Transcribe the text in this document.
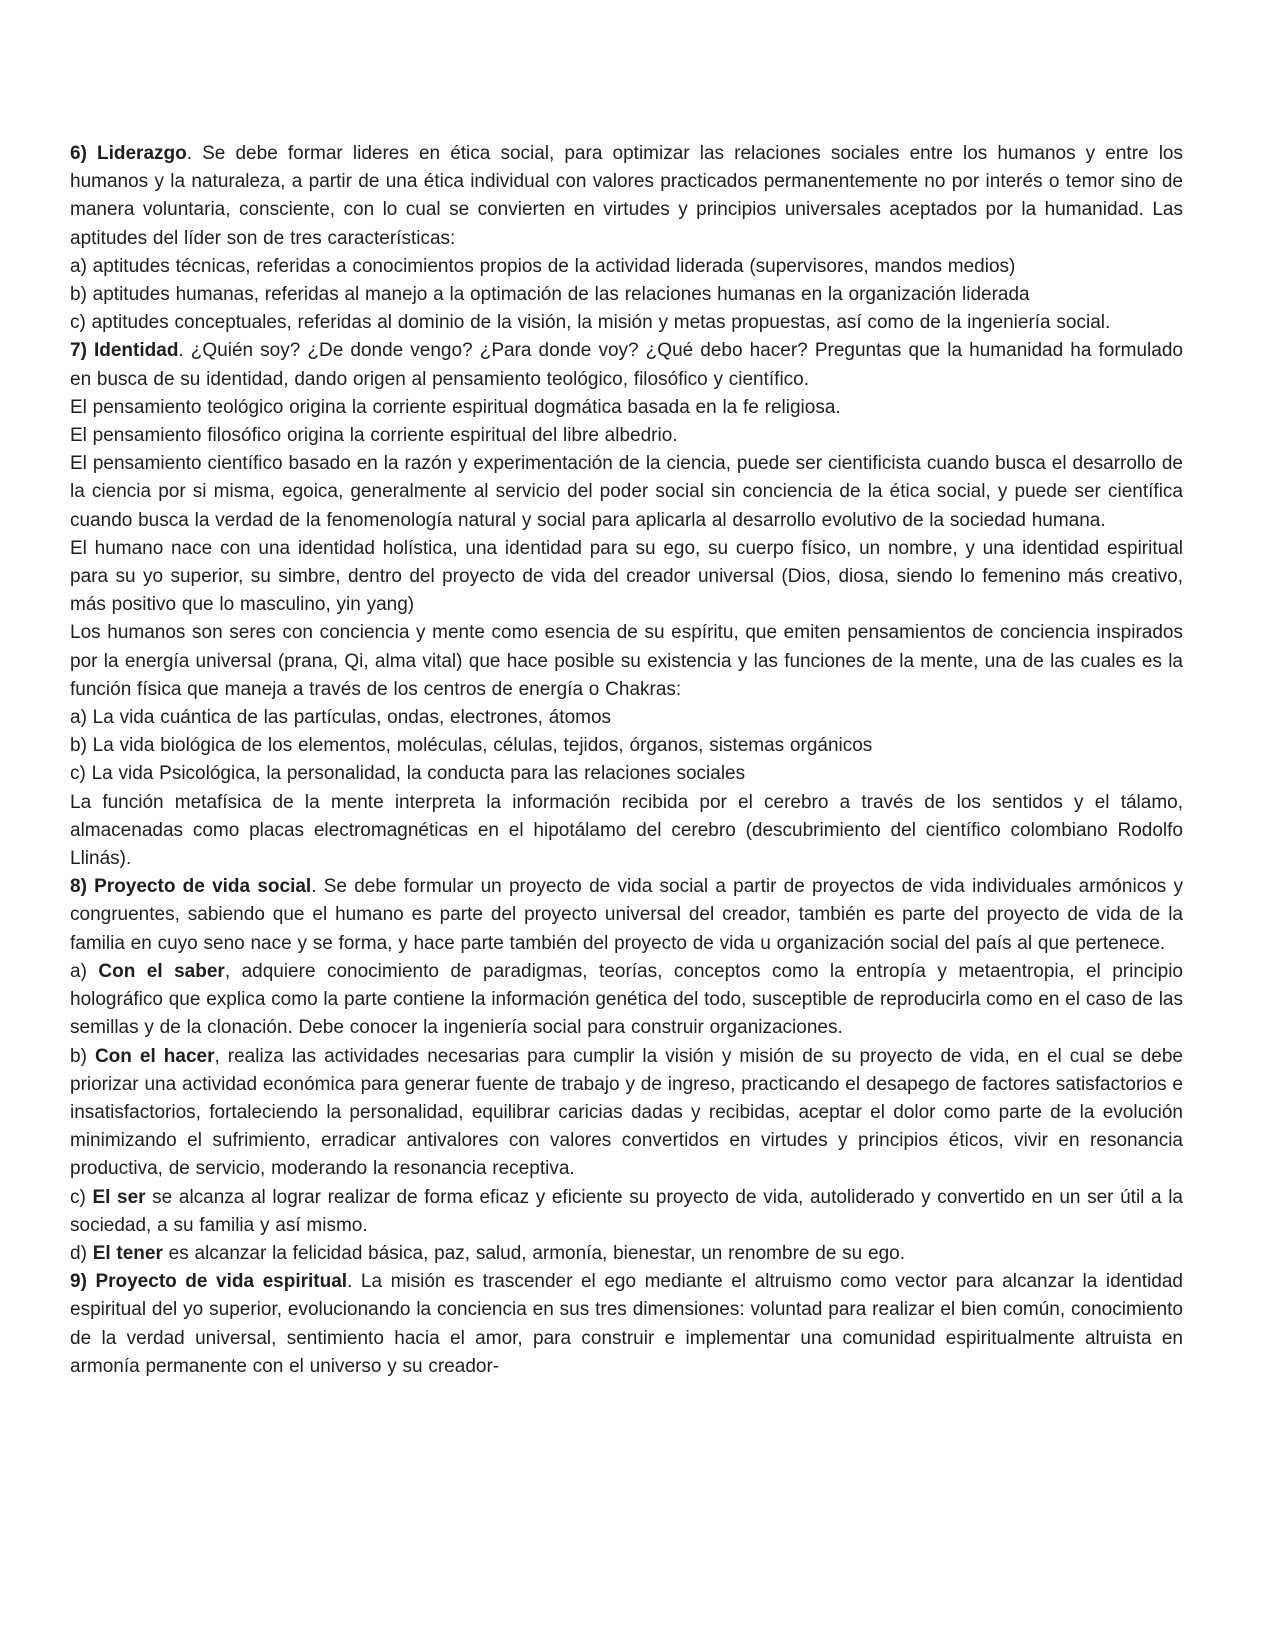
6) Liderazgo. Se debe formar lideres en ética social, para optimizar las relaciones sociales entre los humanos y entre los humanos y la naturaleza, a partir de una ética individual con valores practicados permanentemente no por interés o temor sino de manera voluntaria, consciente, con lo cual se convierten en virtudes y principios universales aceptados por la humanidad. Las aptitudes del líder son de tres características:

a) aptitudes técnicas, referidas a conocimientos propios de la actividad liderada (supervisores, mandos medios)

b) aptitudes humanas, referidas al manejo a la optimación de las relaciones humanas en la organización liderada

c) aptitudes conceptuales, referidas al dominio de la visión, la misión y metas propuestas, así como de la ingeniería social.

7) Identidad. ¿Quién soy? ¿De donde vengo? ¿Para donde voy? ¿Qué debo hacer? Preguntas que la humanidad ha formulado en busca de su identidad, dando origen al pensamiento teológico, filosófico y científico.

El pensamiento teológico origina la corriente espiritual dogmática basada en la fe religiosa.

El pensamiento filosófico origina la corriente espiritual del libre albedrio.

El pensamiento científico basado en la razón y experimentación de la ciencia, puede ser cientificista cuando busca el desarrollo de la ciencia por si misma, egoica, generalmente al servicio del poder social sin conciencia de la ética social, y puede ser científica cuando busca la verdad de la fenomenología natural y social para aplicarla al desarrollo evolutivo de la sociedad humana.

El humano nace con una identidad holística, una identidad para su ego, su cuerpo físico, un nombre, y una identidad espiritual para su yo superior, su simbre, dentro del proyecto de vida del creador universal (Dios, diosa, siendo lo femenino más creativo, más positivo que lo masculino, yin yang)

Los humanos son seres con conciencia y mente como esencia de su espíritu, que emiten pensamientos de conciencia inspirados por la energía universal (prana, Qi, alma vital) que hace posible su existencia y las funciones de la mente, una de las cuales es la función física que maneja a través de los centros de energía o Chakras:

a) La vida cuántica de las partículas, ondas, electrones, átomos

b) La vida biológica de los elementos, moléculas, células, tejidos, órganos, sistemas orgánicos

c) La vida Psicológica, la personalidad, la conducta para las relaciones sociales

La función metafísica de la mente interpreta la información recibida por el cerebro a través de los sentidos y el tálamo, almacenadas como placas electromagnéticas en el hipotálamo del cerebro (descubrimiento del científico colombiano Rodolfo Llinás).

8) Proyecto de vida social. Se debe formular un proyecto de vida social a partir de proyectos de vida individuales armónicos y congruentes, sabiendo que el humano es parte del proyecto universal del creador, también es parte del proyecto de vida de la familia en cuyo seno nace y se forma, y hace parte también del proyecto de vida u organización social del país al que pertenece.

a) Con el saber, adquiere conocimiento de paradigmas, teorías, conceptos como la entropía y metaentropia, el principio holográfico que explica como la parte contiene la información genética del todo, susceptible de reproducirla como en el caso de las semillas y de la clonación. Debe conocer la ingeniería social para construir organizaciones.

b) Con el hacer, realiza las actividades necesarias para cumplir la visión y misión de su proyecto de vida, en el cual se debe priorizar una actividad económica para generar fuente de trabajo y de ingreso, practicando el desapego de factores satisfactorios e insatisfactorios, fortaleciendo la personalidad, equilibrar caricias dadas y recibidas, aceptar el dolor como parte de la evolución minimizando el sufrimiento, erradicar antivalores con valores convertidos en virtudes y principios éticos, vivir en resonancia productiva, de servicio, moderando la resonancia receptiva.

c) El ser se alcanza al lograr realizar de forma eficaz y eficiente su proyecto de vida, autoliderado y convertido en un ser útil a la sociedad, a su familia y así mismo.

d) El tener es alcanzar la felicidad básica, paz, salud, armonía, bienestar, un renombre de su ego.

9) Proyecto de vida espiritual. La misión es trascender el ego mediante el altruismo como vector para alcanzar la identidad espiritual del yo superior, evolucionando la conciencia en sus tres dimensiones: voluntad para realizar el bien común, conocimiento de la verdad universal, sentimiento hacia el amor, para construir e implementar una comunidad espiritualmente altruista en armonía permanente con el universo y su creador-
